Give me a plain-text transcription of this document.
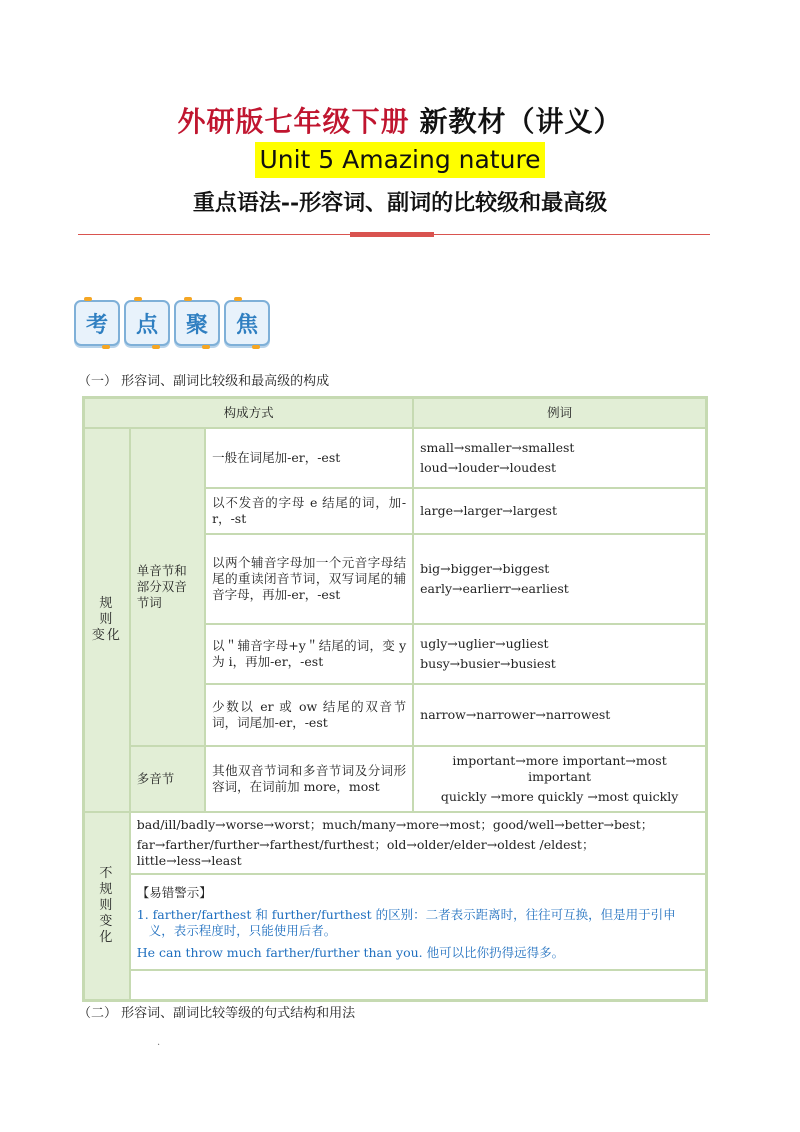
外研版七年级下册 新教材（讲义）
Unit 5 Amazing nature
重点语法--形容词、副词的比较级和最高级
考	点	聚	焦
（一） 形容词、副词比较级和最高级的构成
构成方式			例词
规 则 变化	单音节和部分双音节词	一般在词尾加-er，-est	small→smaller→smallest
loud→louder→loudest

		以不发音的字母 e 结尾的词，加-r，-st	large→larger→largest

		以两个辅音字母加一个元音字母结尾的重读闭音节词，双写词尾的辅音字母，再加-er，-est	big→bigger→biggest
early→earlierr→earliest

		以＂辅音字母+y＂结尾的词，变 y 为 i，再加-er，-est	ugly→uglier→ugliest
busy→busier→busiest

		少数以 er 或 ow 结尾的双音节词，词尾加-er，-est	narrow→narrower→narrowest

	多音节	其他双音节词和多音节词及分词形容词，在词前加 more，most	important→more important→most important
quickly →more quickly →most quickly

不 规 则 变 化	bad/ill/badly→worse→worst；much/many→more→most；good/well→better→best；
far→farther/further→farthest/furthest；old→older/elder→oldest /eldest；little→less→least		

	【易错警示】
1. farther/farthest 和 further/furthest 的区别：二者表示距离时，往往可互换，但是用于引申义，表示程度时，只能使用后者。
He can throw much farther/further than you. 他可以比你扔得远得多。		

（二） 形容词、副词比较等级的句式结构和用法
·
